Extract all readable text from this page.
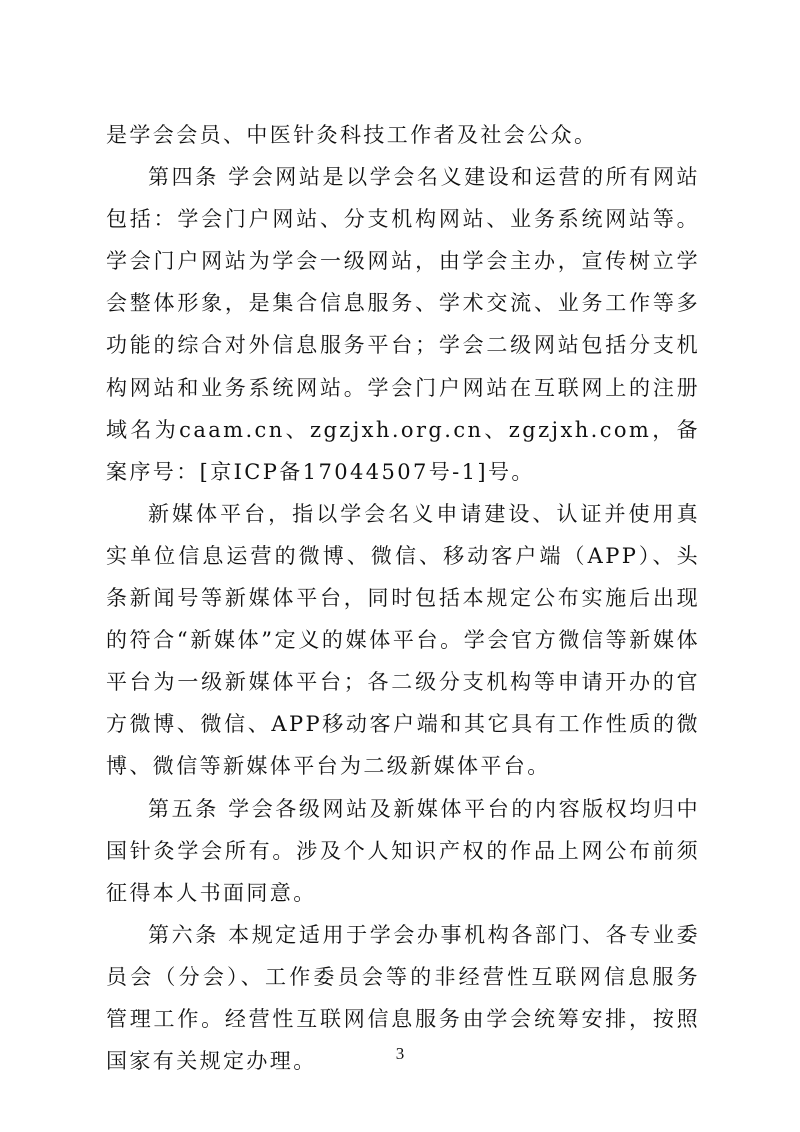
是学会会员、中医针灸科技工作者及社会公众。

第四条 学会网站是以学会名义建设和运营的所有网站包括：学会门户网站、分支机构网站、业务系统网站等。学会门户网站为学会一级网站，由学会主办，宣传树立学会整体形象，是集合信息服务、学术交流、业务工作等多功能的综合对外信息服务平台；学会二级网站包括分支机构网站和业务系统网站。学会门户网站在互联网上的注册域名为caam.cn、zgzjxh.org.cn、zgzjxh.com，备案序号：[京ICP备17044507号-1]号。

新媒体平台，指以学会名义申请建设、认证并使用真实单位信息运营的微博、微信、移动客户端（APP）、头条新闻号等新媒体平台，同时包括本规定公布实施后出现的符合“新媒体”定义的媒体平台。学会官方微信等新媒体平台为一级新媒体平台；各二级分支机构等申请开办的官方微博、微信、APP移动客户端和其它具有工作性质的微博、微信等新媒体平台为二级新媒体平台。

第五条 学会各级网站及新媒体平台的内容版权均归中国针灸学会所有。涉及个人知识产权的作品上网公布前须征得本人书面同意。

第六条 本规定适用于学会办事机构各部门、各专业委员会（分会）、工作委员会等的非经营性互联网信息服务管理工作。经营性互联网信息服务由学会统筹安排，按照国家有关规定办理。	3
